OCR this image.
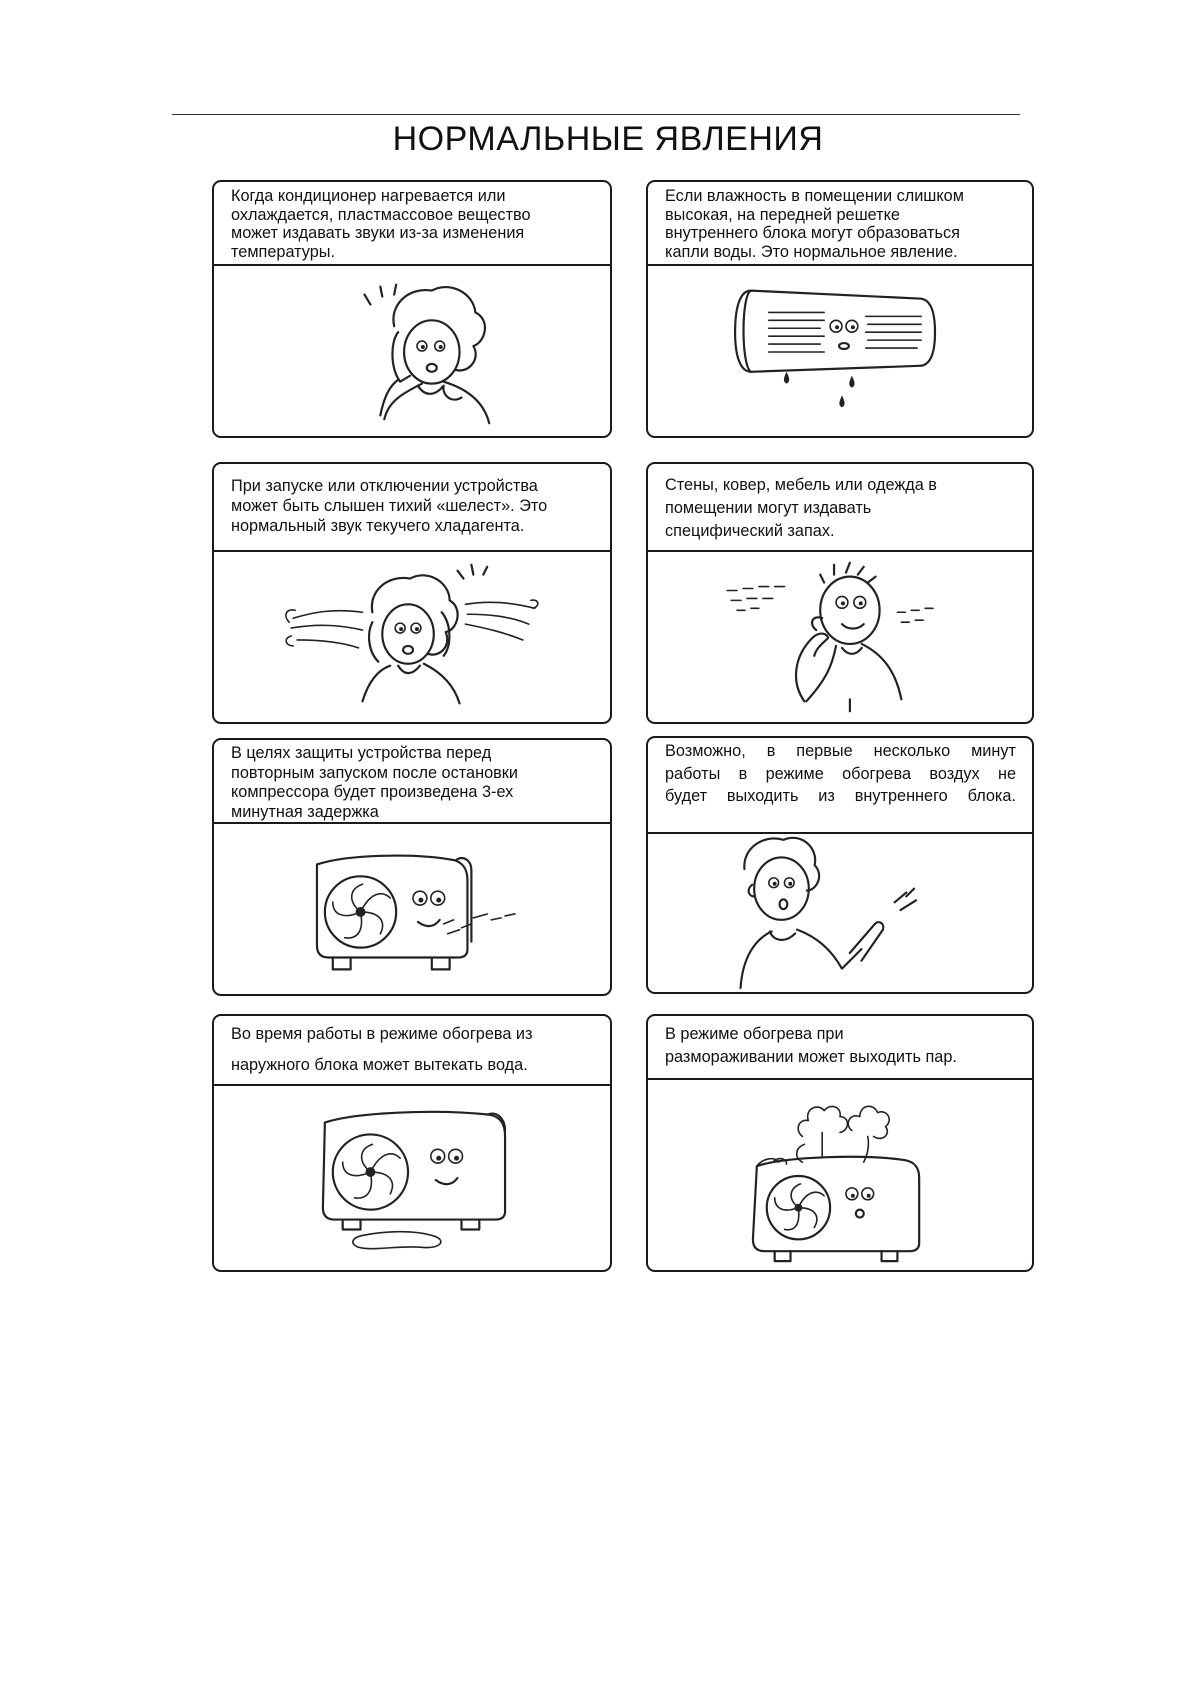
НОРМАЛЬНЫЕ ЯВЛЕНИЯ
Когда кондиционер нагревается или
охлаждается, пластмассовое вещество
может издавать звуки из-за изменения
температуры.
Если влажность в помещении слишком
высокая, на передней решетке
внутреннего блока могут образоваться
капли воды. Это нормальное явление.
При запуске или отключении устройства
может быть слышен тихий «шелест». Это
нормальный звук текучего хладагента.
Стены, ковер, мебель или одежда в
помещении могут издавать
специфический запах.
В целях защиты устройства перед
повторным запуском после остановки
компрессора будет произведена 3-ех
минутная задержка
Возможно, в первые несколько минут
работы в режиме обогрева воздух не
будет выходить из внутреннего блока.
Во время работы в режиме обогрева из
наружного блока может вытекать вода.
В режиме обогрева при
размораживании может выходить пар.
